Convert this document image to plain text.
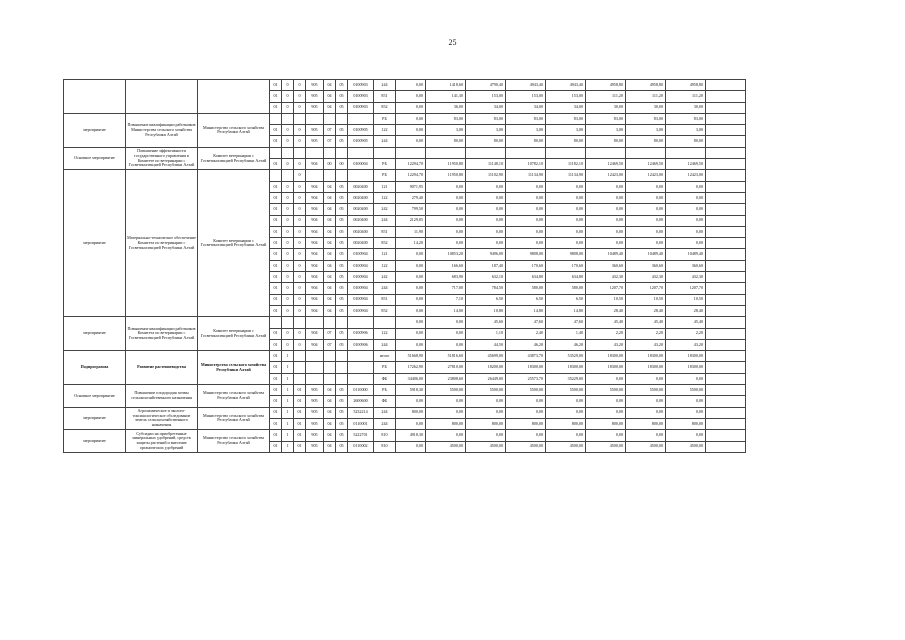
25
			01	0	0	905	04	05	0100903	244	0,00	1418,60	4790,40	4943,40	4943,40	4958,80	4958,80	4958,80	
			01	0	0	905	04	05	0100903	851	0,00	141,30	153,00	153,00	153,00	111,20	111,20	111,20	
			01	0	0	905	04	05	0100903	852	0,00	36,00	34,00	34,00	34,00	30,00	30,00	30,00	
мероприятие	Повышение квалификации работников Министерства сельского хозяйства Республики Алтай	Министерство сельского хозяйства Республики Алтай								РБ	0,00	83,00	83,00	83,00	83,00	83,00	83,00	83,00	
			01	0	0	905	07	05	0100905	122	0,00	3,00	3,00	3,00	3,00	3,00	3,00	3,00	
			01	0	0	905	07	05	0100905	244	0,00	80,00	80,00	80,00	80,00	80,00	80,00	80,00	
Основное мероприятие	Повышение эффективности государственного управления в Комитете по ветеринарии с Госветинспекцией Республики Алтай	Комитет ветеринарии с Госветинспекцией Республики Алтай																	
			01	0	0	904	00	00	0100004	РБ	12294,70	11950,80	11148,10	10782,10	11182,10	12469,50	12469,50	12469,50	
мероприятие	Материально-техническое обеспечение Комитета по ветеринарии с Госветинспекцией Республики Алтай	Комитет ветеринарии с Госветинспекцией Республики Алтай			0					РБ	12294,70	11950,80	11102,90	11134,90	11134,90	12423,00	12423,00	12423,00	
			01	0	0	904	04	05	0020400	121	9071,95	0,00	0,00	0,00	0,00	0,00	0,00	0,00	
			01	0	0	904	04	05	0020400	122	279,40	0,00	0,00	0,00	0,00	0,00	0,00	0,00	
			01	0	0	904	04	05	0020400	242	799,50	0,00	0,00	0,00	0,00	0,00	0,00	0,00	
			01	0	0	904	04	05	0020400	244	2129,05	0,00	0,00	0,00	0,00	0,00	0,00	0,00	
			01	0	0	904	04	05	0020400	851	11,90	0,00	0,00	0,00	0,00	0,00	0,00	0,00	
			01	0	0	904	04	05	0020400	852	14,20	0,00	0,00	0,00	0,00	0,00	0,00	0,00	
			01	0	0	904	04	05	0100904	121	0,00	10853,20	9496,00	9808,00	9808,00	10489,40	10489,40	10489,40	
			01	0	0	904	04	05	0100904	122	0,00	166,60	187,40	170,60	170,60	360,60	360,60	360,60	
			01	0	0	904	04	05	0100904	242	0,00	683,90	632,10	634,80	634,80	432,30	432,30	432,30	
			01	0	0	904	04	05	0100904	244	0,00	717,00	784,50	580,00	580,00	1207,70	1207,70	1207,70	
			01	0	0	904	04	05	0100904	851	0,00	7,10	6,50	6,50	6,50	10,50	10,50	10,50	
			01	0	0	904	04	05	0100904	852	0,00	14,00	10,80	14,80	14,80	28,40	28,40	28,40	
мероприятие	Повышение квалификации работников Комитета по ветеринарии с Госветинспекцией Республики Алтай	Комитет ветеринарии с Госветинспекцией Республики Алтай									0,00	0,00	45,60	47,60	47,60	45,40	45,40	45,40	
			01	0	0	904	07	05	0100906	122	0,00	0,00	1,10	2,40	1,40	2,20	2,20	2,20	
			01	0	0	904	07	05	0100906	244	0,00	0,00	44,50	46,20	46,20	43,20	43,20	43,20	
Подпрограмма	Развитие растениеводства	Министерство сельского хозяйства Республики Алтай	01	1						итого	51668,90	51816,60	45699,00	43873,70	53529,00	18300,00	18300,00	18300,00	
			01	1						РБ	17262,90	27810,00	18200,00	18300,00	18300,00	18300,00	18300,00	18300,00	
			01	1						ФБ	34406,00	23808,60	26449,00	25573,70	35229,00	0,00	0,00	0,00	
Основное мероприятие	Повышение плодородия почвы сельскохозяйственного назначения	Министерство сельского хозяйства Республики Алтай	01	1	01	905	04	05	0110000	РБ	5918,30	5500,00	5500,00	5500,00	5500,00	5500,00	5500,00	5500,00	
			01	1	01	905	04	05	2600600	ФБ	0,00	0,00	0,00	0,00	0,00	0,00	0,00	0,00	
мероприятие	Агрохимическое и эколого-токсикологическое обследование земель сельскохозяйственного назначения	Министерство сельского хозяйства Республики Алтай	01	1	01	905	04	05	5232214	244	800,00	0,00	0,00	0,00	0,00	0,00	0,00	0,00	
			01	1	01	905	04	05	0110001	244	0,00	800,00	800,00	800,00	800,00	800,00	800,00	800,00	
мероприятие	Субсидии на приобретенные минеральных удобрений, средств защиты растений и внесение органических удобрений	Министерство сельского хозяйства Республики Алтай	01	1	01	905	04	05	5222701	810	4918,30	0,00	0,00	0,00	0,00	0,00	0,00	0,00	
			01	1	01	905	04	05	0110002	810	0,00	4500,00	4500,00	4500,00	4500,00	4500,00	4500,00	4500,00	
